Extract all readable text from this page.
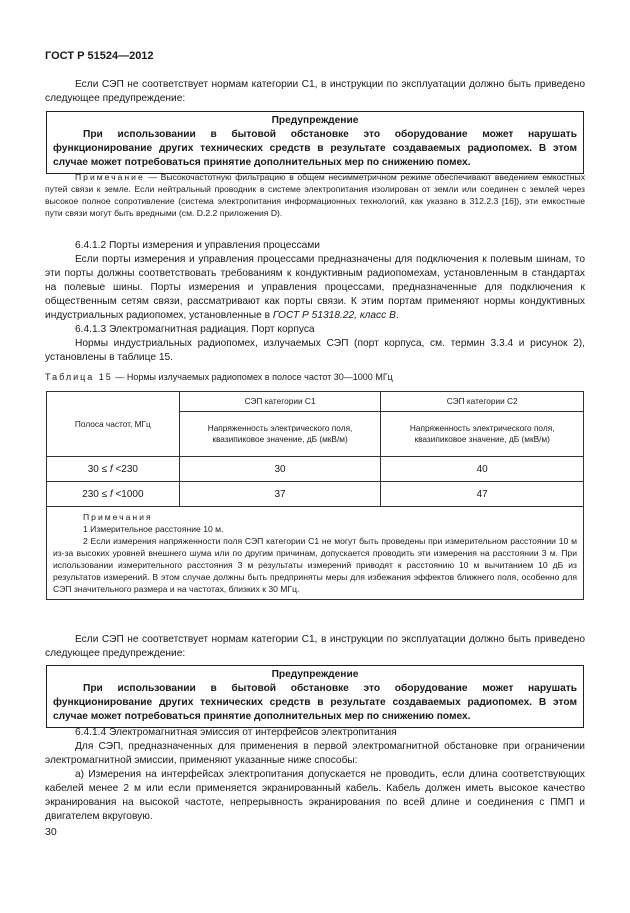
ГОСТ Р 51524—2012
Если СЭП не соответствует нормам категории С1, в инструкции по эксплуатации должно быть приведено следующее предупреждение:
Предупреждение
При использовании в бытовой обстановке это оборудование может нарушать функционирование других технических средств в результате создаваемых радиопомех. В этом случае может потребоваться принятие дополнительных мер по снижению помех.
Примечание — Высокочастотную фильтрацию в общем несимметричном режиме обеспечивают введением емкостных путей связи к земле. Если нейтральный проводник в системе электропитания изолирован от земли или соединен с землей через высокое полное сопротивление (система электропитания информационных технологий, как указано в 312.2.3 [16]), эти емкостные пути связи могут быть вредными (см. D.2.2 приложения D).
6.4.1.2 Порты измерения и управления процессами
Если порты измерения и управления процессами предназначены для подключения к полевым шинам, то эти порты должны соответствовать требованиям к кондуктивным радиопомехам, установленным в стандартах на полевые шины. Порты измерения и управления процессами, предназначенные для подключения к общественным сетям связи, рассматривают как порты связи. К этим портам применяют нормы кондуктивных индустриальных радиопомех, установленные в ГОСТ Р 51318.22, класс В.
6.4.1.3 Электромагнитная радиация. Порт корпуса
Нормы индустриальных радиопомех, излучаемых СЭП (порт корпуса, см. термин 3.3.4 и рисунок 2), установлены в таблице 15.
Таблица 15 — Нормы излучаемых радиопомех в полосе частот 30—1000 МГц
Полоса частот, МГц	СЭП категории С1	СЭП категории С2
	Напряженность электрического поля, квазипиковое значение, дБ (мкВ/м)	Напряженность электрического поля, квазипиковое значение, дБ (мкВ/м)
30 ≤ f <230	30	40
230 ≤ f <1000	37	47

Примечания
1 Измерительное расстояние 10 м.
2 Если измерения напряженности поля СЭП категории С1 не могут быть проведены при измерительном расстоянии 10 м из-за высоких уровней внешнего шума или по другим причинам, допускается проводить эти измерения на расстоянии 3 м. При использовании измерительного расстояния 3 м результаты измерений приводят к расстоянию 10 м вычитанием 10 дБ из результатов измерений. В этом случае должны быть предприняты меры для избежания эффектов ближнего поля, особенно для СЭП значительного размера и на частотах, близких к 30 МГц.		
Если СЭП не соответствует нормам категории С1, в инструкции по эксплуатации должно быть приведено следующее предупреждение:
Предупреждение
При использовании в бытовой обстановке это оборудование может нарушать функционирование других технических средств в результате создаваемых радиопомех. В этом случае может потребоваться принятие дополнительных мер по снижению помех.
6.4.1.4 Электромагнитная эмиссия от интерфейсов электропитания
Для СЭП, предназначенных для применения в первой электромагнитной обстановке при ограничении электромагнитной эмиссии, применяют указанные ниже способы:
а) Измерения на интерфейсах электропитания допускается не проводить, если длина соответствующих кабелей менее 2 м или если применяется экранированный кабель. Кабель должен иметь высокое качество экранирования на высокой частоте, непрерывность экранирования по всей длине и соединения с ПМП и двигателем вкруговую.
30
